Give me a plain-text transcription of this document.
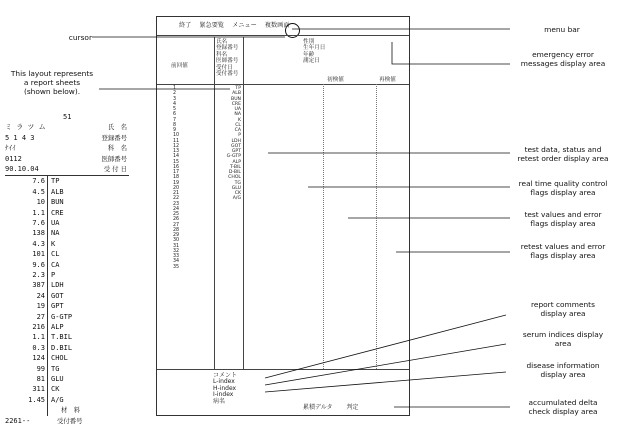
終了 緊急要覧 メニュー 複数画面
氏名
登録番号
科名
医師番号
受付日
受付番号
性別
生年月日
年齢
測定日
前回値
初検値	再検値
1	TP
2	ALB
3	BUN
4	CRE
5	UA
6	NA
7	K
8	CL
9	CA
10	P
11	LDH
12	GOT
13	GPT
14	G-GTP
15	ALP
16	T-BIL
17	D-BIL
18	CHOL
19	TG
20	GLU
21	CK
22	A/G
23
24
25
26
27
28
29
30
31
32
33
34
35
コメント
L-index
H-index
I-index
病名
累積デルタ 判定
cursor
menu bar
emergency error
messages display area
This layout represents
a report sheets
(shown below).
test data, status and
retest order display area
real time quality control
flags display area
test values and error
flags display area
retest values and error
flags display area
report comments
display area
serum indices display
area
disease information
display area
accumulated delta
check display area
51
ミ ラ ツ ム	氏　名
5 1 4 3	登録番号
ﾅｲｲ	科　名
0112	医師番号
90.10.04	受 付 日
7.6 TP
4.5 ALB
10 BUN
1.1 CRE
7.6 UA
138 NA
4.3 K
101 CL
9.6 CA
2.3 P
387 LDH
24 GOT
19 GPT
27 G-GTP
216 ALP
1.1 T.BIL
0.3 D.BIL
124 CHOL
99 TG
81 GLU
311 CK
1.45 A/G
材　料
2261--	受付番号
